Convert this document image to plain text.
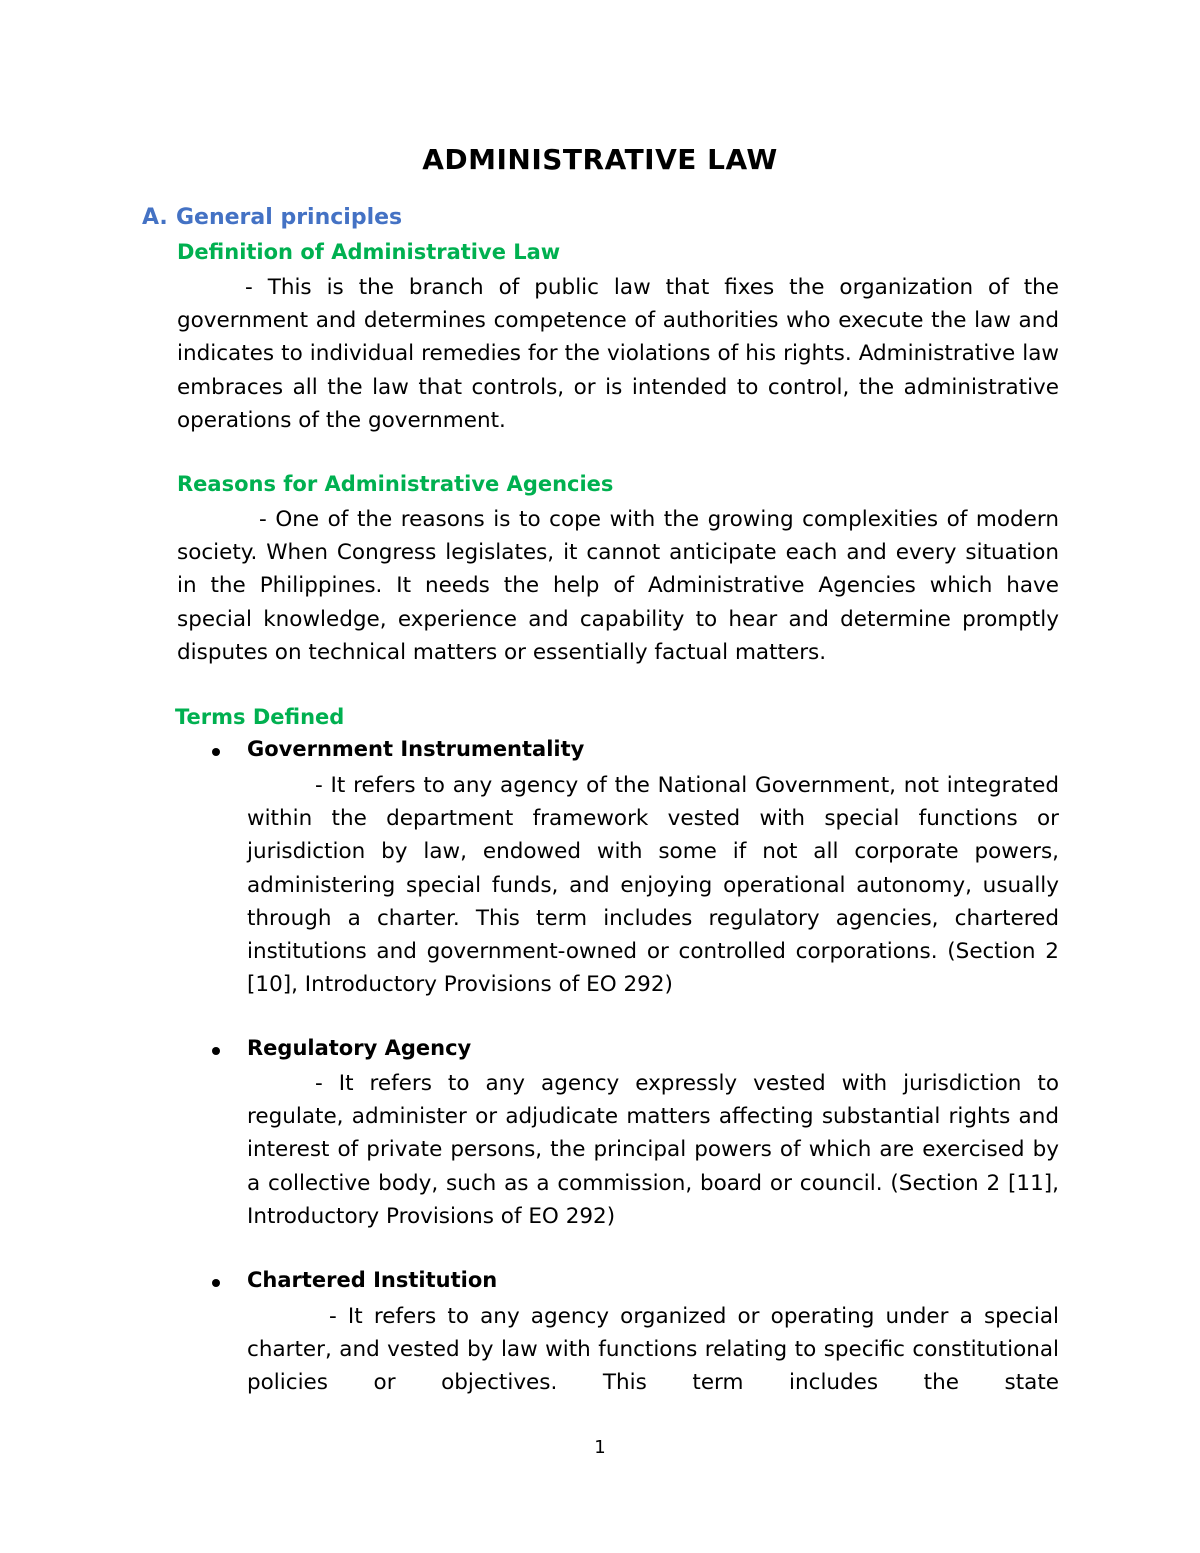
ADMINISTRATIVE LAW
A. General principles
Definition of Administrative Law

- This is the branch of public law that fixes the organization of the government and determines competence of authorities who execute the law and indicates to individual remedies for the violations of his rights. Administrative law embraces all the law that controls, or is intended to control, the administrative operations of the government.

Reasons for Administrative Agencies

- One of the reasons is to cope with the growing complexities of modern society. When Congress legislates, it cannot anticipate each and every situation in the Philippines. It needs the help of Administrative Agencies which have special knowledge, experience and capability to hear and determine promptly disputes on technical matters or essentially factual matters.

Terms Defined
Government Instrumentality

- It refers to any agency of the National Government, not integrated within the department framework vested with special functions or jurisdiction by law, endowed with some if not all corporate powers, administering special funds, and enjoying operational autonomy, usually through a charter. This term includes regulatory agencies, chartered institutions and government-owned or controlled corporations. (Section 2 [10], Introductory Provisions of EO 292)

Regulatory Agency

- It refers to any agency expressly vested with jurisdiction to regulate, administer or adjudicate matters affecting substantial rights and interest of private persons, the principal powers of which are exercised by a collective body, such as a commission, board or council. (Section 2 [11], Introductory Provisions of EO 292)

Chartered Institution

- It refers to any agency organized or operating under a special charter, and vested by law with functions relating to specific constitutional policies or objectives. This term includes the state

1
